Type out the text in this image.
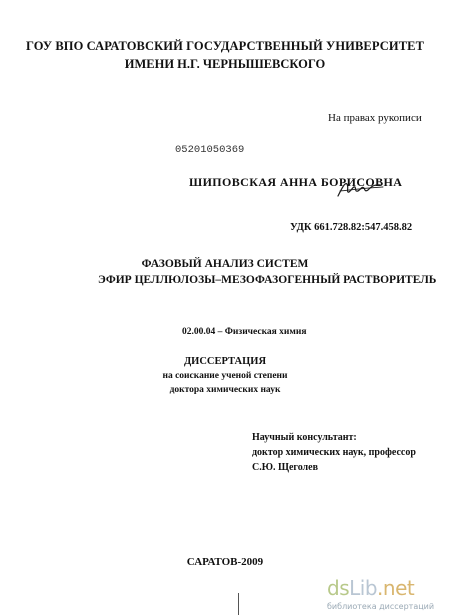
ГОУ ВПО САРАТОВСКИЙ ГОСУДАРСТВЕННЫЙ УНИВЕРСИТЕТ
ИМЕНИ Н.Г. ЧЕРНЫШЕВСКОГО
На правах рукописи
05201050369
ШИПОВСКАЯ АННА БОРИСОВНА
УДК 661.728.82:547.458.82
ФАЗОВЫЙ АНАЛИЗ СИСТЕМ
ЭФИР ЦЕЛЛЮЛОЗЫ–МЕЗОФАЗОГЕННЫЙ РАСТВОРИТЕЛЬ
02.00.04 – Физическая химия
ДИССЕРТАЦИЯ
на соискание ученой степени
доктора химических наук
Научный консультант:
доктор химических наук, профессор
С.Ю. Щеголев
САРАТОВ-2009
dsLib.net
библиотека диссертаций
